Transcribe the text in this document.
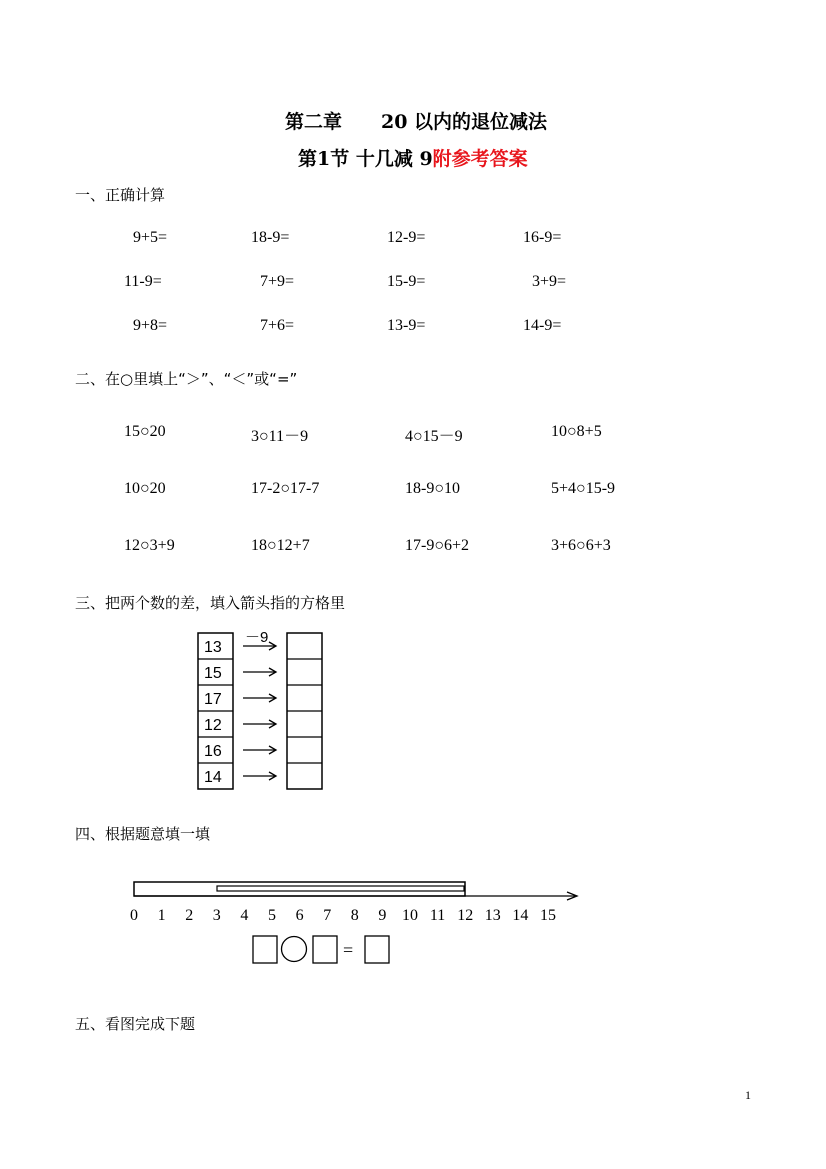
第二章 20 以内的退位减法
第1节 十几减 9附参考答案
一、正确计算
9+5=	18-9=	12-9=	16-9=
11-9=	7+9=	15-9=	3+9=
9+8=	7+6=	13-9=	14-9=
二、在○里填上“＞”、“＜”或“=”
15○20	3○11－9	4○15－9	10○8+5
10○20	17-2○17-7	18-9○10	5+4○15-9
12○3+9	18○12+7	17-9○6+2	3+6○6+3
三、把两个数的差，填入箭头指的方格里
13
15
17
12
16
14
－9
四、根据题意填一填
0 1 2 3 4 5 6 7 8 9 10 11 12 13 14 15
=
五、看图完成下题
1
